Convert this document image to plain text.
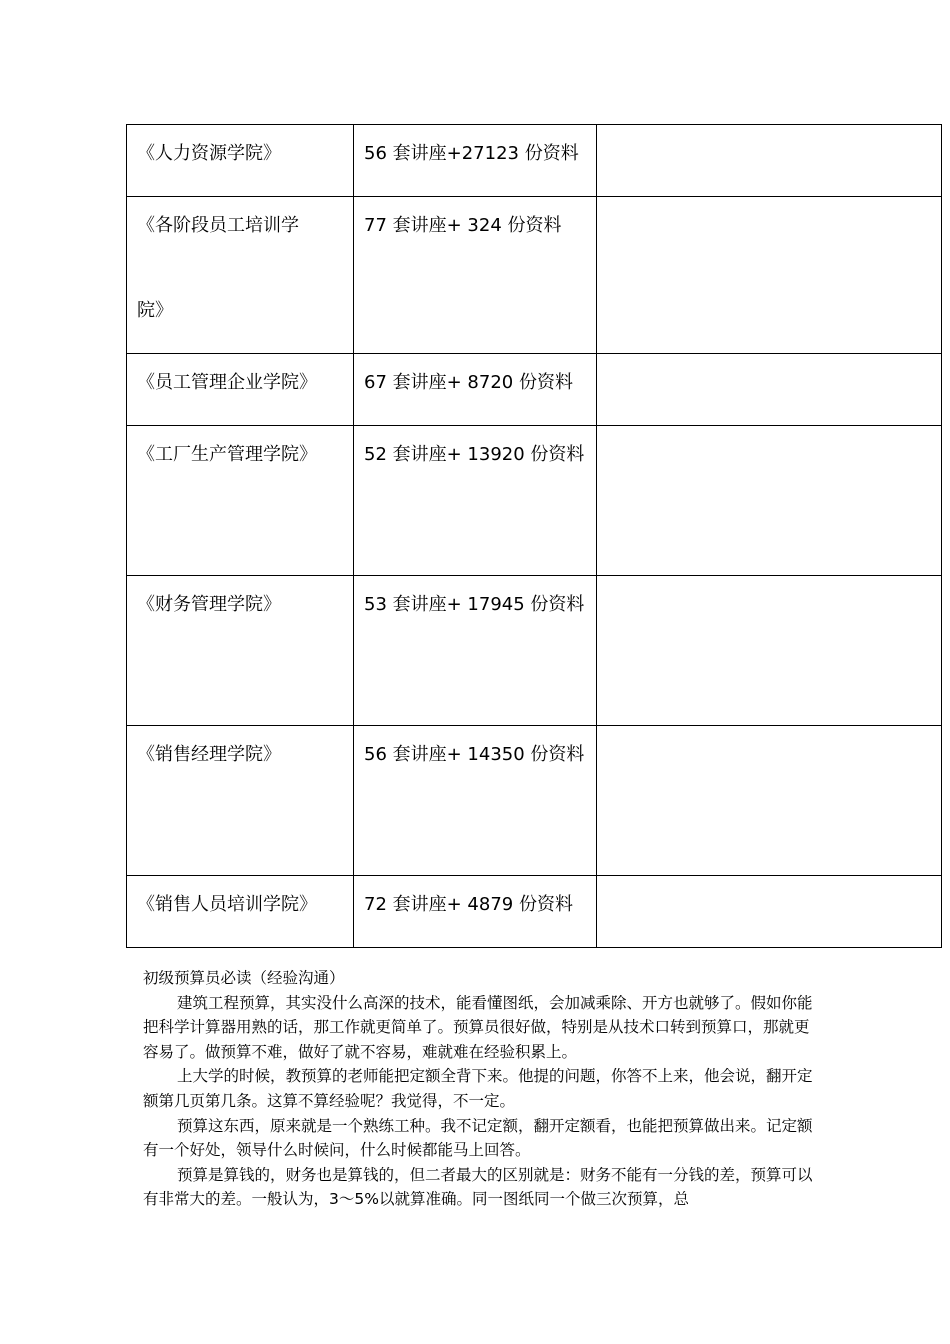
《人力资源学院》	56 套讲座+27123 份资料	

《各阶段员工培训学院》	77 套讲座+ 324 份资料	

《员工管理企业学院》	67 套讲座+ 8720 份资料	

《工厂生产管理学院》	52 套讲座+ 13920 份资料	

《财务管理学院》	53 套讲座+ 17945 份资料	

《销售经理学院》	56 套讲座+ 14350 份资料	

《销售人员培训学院》	72 套讲座+ 4879 份资料	

初级预算员必读（经验沟通）

建筑工程预算，其实没什么高深的技术，能看懂图纸，会加减乘除、开方也就够了。假如你能把科学计算器用熟的话，那工作就更简单了。预算员很好做，特别是从技术口转到预算口，那就更容易了。做预算不难，做好了就不容易，难就难在经验积累上。

上大学的时候，教预算的老师能把定额全背下来。他提的问题，你答不上来，他会说，翻开定额第几页第几条。这算不算经验呢？我觉得，不一定。

预算这东西，原来就是一个熟练工种。我不记定额，翻开定额看，也能把预算做出来。记定额有一个好处，领导什么时候问，什么时候都能马上回答。

预算是算钱的，财务也是算钱的，但二者最大的区别就是：财务不能有一分钱的差，预算可以有非常大的差。一般认为，3～5%以就算准确。同一图纸同一个做三次预算，总
